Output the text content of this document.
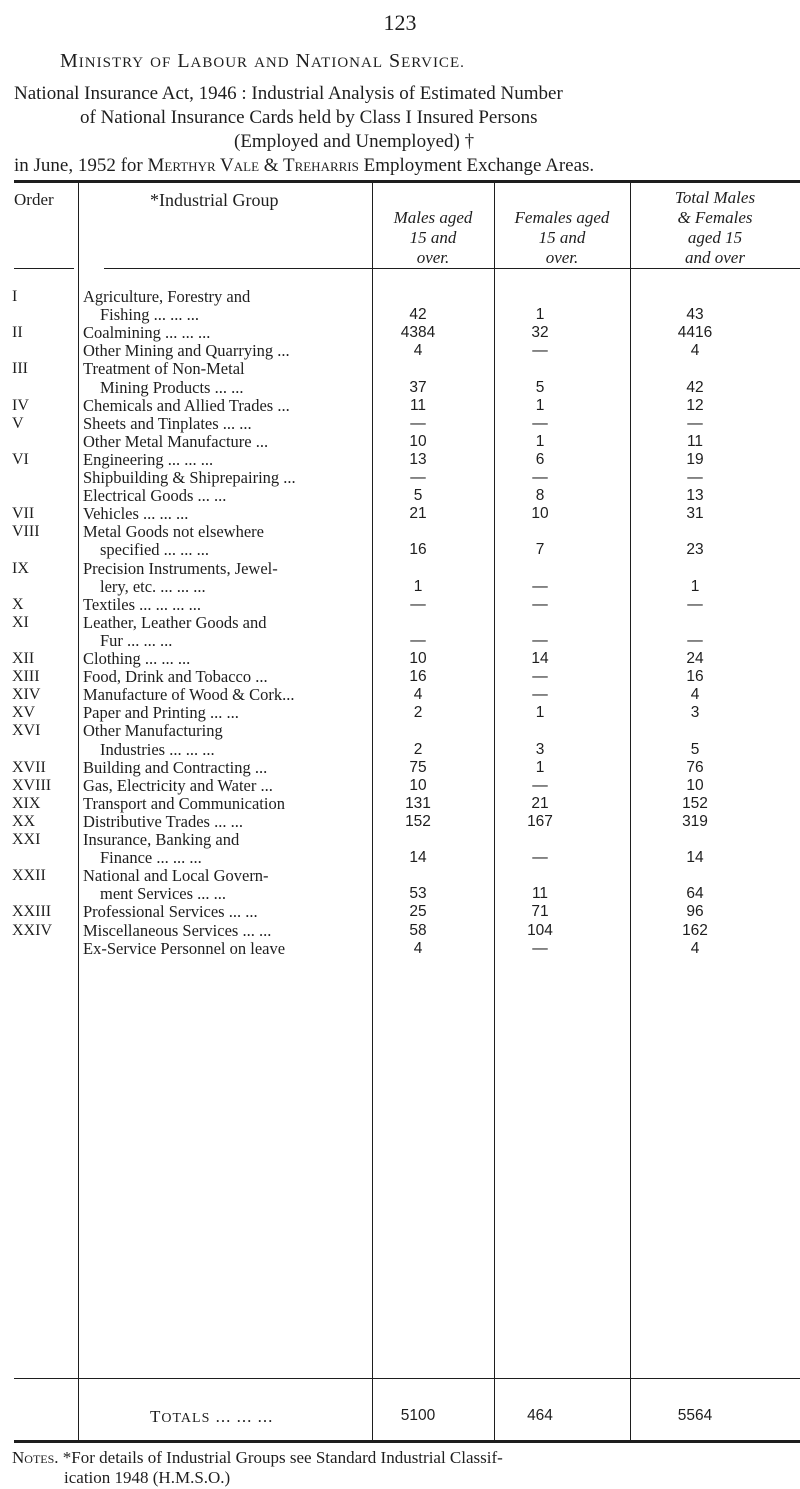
123
MINISTRY OF LABOUR AND NATIONAL SERVICE.
National Insurance Act, 1946 : Industrial Analysis of Estimated Number
of National Insurance Cards held by Class I Insured Persons
(Employed and Unemployed) †
in June, 1952 for Merthyr Vale & Treharris Employment Exchange Areas.
Order	*Industrial Group
Males aged
15 and
over.
Females aged
15 and
over.
Total Males
& Females
aged 15
and over
I	Agriculture, Forestry and
Fishing ... ... ...	42	1	43
II	Coalmining ... ... ...	4384	32	4416
Other Mining and Quarrying ...	4	—	4
III	Treatment of Non-Metal
Mining Products ... ...	37	5	42
IV	Chemicals and Allied Trades ...	11	1	12
V	Sheets and Tinplates ... ...	—	—	—
Other Metal Manufacture ...	10	1	11
VI	Engineering ... ... ...	13	6	19
Shipbuilding & Shiprepairing ...	—	—	—
Electrical Goods ... ...	5	8	13
VII	Vehicles ... ... ...	21	10	31
VIII	Metal Goods not elsewhere
specified ... ... ...	16	7	23
IX	Precision Instruments, Jewel-
lery, etc. ... ... ...	1	—	1
X	Textiles ... ... ... ...	—	—	—
XI	Leather, Leather Goods and
Fur ... ... ...	—	—	—
XII	Clothing ... ... ...	10	14	24
XIII	Food, Drink and Tobacco ...	16	—	16
XIV	Manufacture of Wood & Cork...	4	—	4
XV	Paper and Printing ... ...	2	1	3
XVI	Other Manufacturing
Industries ... ... ...	2	3	5
XVII	Building and Contracting ...	75	1	76
XVIII	Gas, Electricity and Water ...	10	—	10
XIX	Transport and Communication	131	21	152
XX	Distributive Trades ... ...	152	167	319
XXI	Insurance, Banking and
Finance ... ... ...	14	—	14
XXII	National and Local Govern-
ment Services ... ...	53	11	64
XXIII	Professional Services ... ...	25	71	96
XXIV	Miscellaneous Services ... ...	58	104	162
Ex-Service Personnel on leave	4	—	4
TOTALS ... ... ...	5100	464	5564
Notes. *For details of Industrial Groups see Standard Industrial Classif-
ication 1948 (H.M.S.O.)
